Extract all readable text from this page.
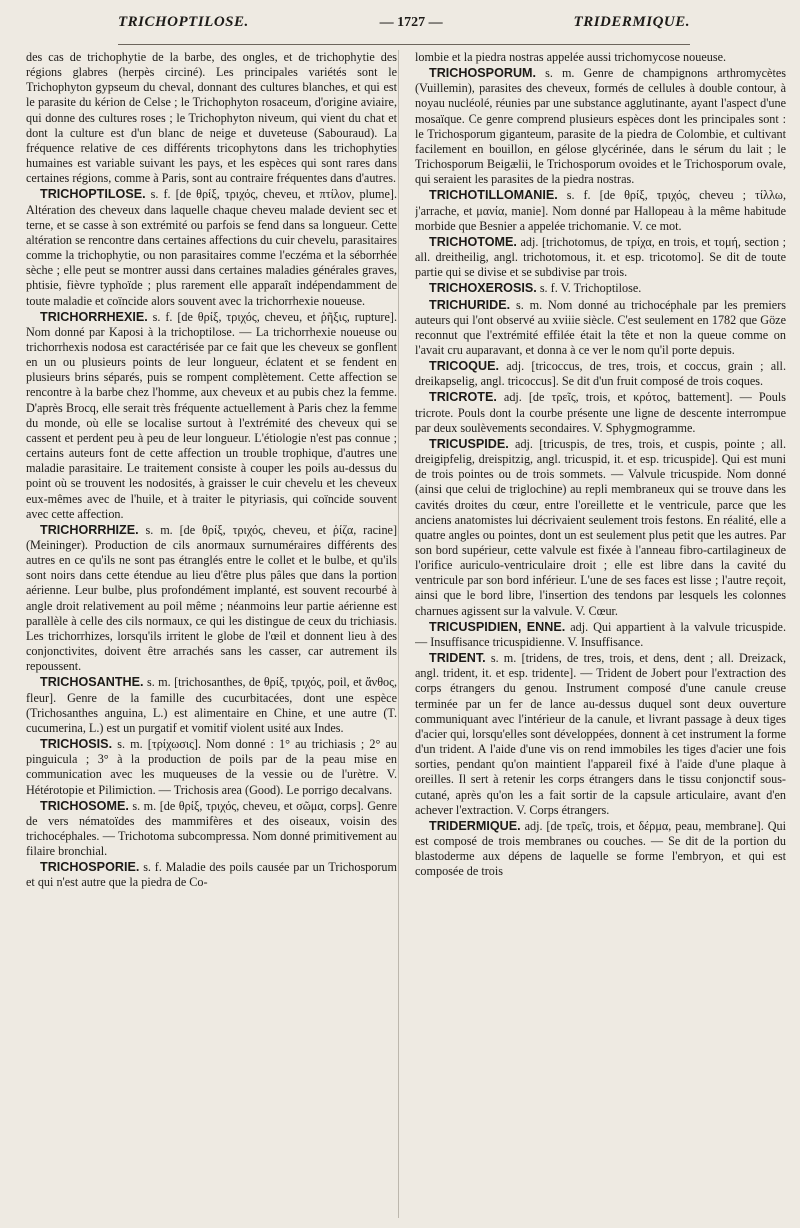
TRICHOPTILOSE.	— 1727 —	TRIDERMIQUE.

des cas de trichophytie de la barbe, des ongles, et de trichophytie des régions glabres (herpès circiné). Les principales variétés sont le Trichophyton gypseum du cheval, donnant des cultures blanches, et qui est le parasite du kérion de Celse ; le Trichophyton rosaceum, d'origine aviaire, qui donne des cultures roses ; le Trichophyton niveum, qui vient du chat et dont la culture est d'un blanc de neige et duveteuse (Sabouraud). La fréquence relative de ces différents tricophytons dans les trichophyties humaines est variable suivant les pays, et les espèces qui sont rares dans certaines régions, comme à Paris, sont au contraire fréquentes dans d'autres.

TRICHOPTILOSE. s. f. [de θρίξ, τριχός, cheveu, et πτίλον, plume]. Altération des cheveux dans laquelle chaque cheveu malade devient sec et terne, et se casse à son extrémité ou parfois se fend dans sa longueur. Cette altération se rencontre dans certaines affections du cuir chevelu, parasitaires comme la trichophytie, ou non parasitaires comme l'eczéma et la séborrhée sèche ; elle peut se montrer aussi dans certaines maladies générales graves, phtisie, fièvre typhoïde ; plus rarement elle apparaît indépendamment de toute maladie et coïncide alors souvent avec la trichorrhexie noueuse.

TRICHORRHEXIE. s. f. [de θρίξ, τριχός, cheveu, et ῥῆξις, rupture]. Nom donné par Kaposi à la trichoptilose. — La trichorrhexie noueuse ou trichorrhexis nodosa est caractérisée par ce fait que les cheveux se gonflent en un ou plusieurs points de leur longueur, éclatent et se fendent en plusieurs brins séparés, puis se rompent complètement. Cette affection se rencontre à la barbe chez l'homme, aux cheveux et au pubis chez la femme. D'après Brocq, elle serait très fréquente actuellement à Paris chez la femme du monde, où elle se localise surtout à l'extrémité des cheveux qui se cassent et perdent peu à peu de leur longueur. L'étiologie n'est pas connue ; certains auteurs font de cette affection un trouble trophique, d'autres une maladie parasitaire. Le traitement consiste à couper les poils au-dessus du point où se trouvent les nodosités, à graisser le cuir chevelu et les cheveux eux-mêmes avec de l'huile, et à traiter le pityriasis, qui coïncide souvent avec cette affection.

TRICHORRHIZE. s. m. [de θρίξ, τριχός, cheveu, et ῥίζα, racine] (Meininger). Production de cils anormaux surnuméraires différents des autres en ce qu'ils ne sont pas étranglés entre le collet et le bulbe, et qu'ils sont noirs dans cette étendue au lieu d'être plus pâles que dans la portion aérienne. Leur bulbe, plus profondément implanté, est souvent recourbé à angle droit relativement au poil même ; néanmoins leur partie aérienne est parallèle à celle des cils normaux, ce qui les distingue de ceux du trichiasis. Les trichorrhizes, lorsqu'ils irritent le globe de l'œil et donnent lieu à des conjonctivites, doivent être arrachés sans les casser, car autrement ils repoussent.

TRICHOSANTHE. s. m. [trichosanthes, de θρίξ, τριχός, poil, et ἄνθος, fleur]. Genre de la famille des cucurbitacées, dont une espèce (Trichosanthes anguina, L.) est alimentaire en Chine, et une autre (T. cucumerina, L.) est un purgatif et vomitif violent usité aux Indes.

TRICHOSIS. s. m. [τρίχωσις]. Nom donné : 1° au trichiasis ; 2° au pinguicula ; 3° à la production de poils par de la peau mise en communication avec les muqueuses de la vessie ou de l'urètre. V. Hétérotopie et Pilimiction. — Trichosis area (Good). Le porrigo decalvans.

TRICHOSOME. s. m. [de θρίξ, τριχός, cheveu, et σῶμα, corps]. Genre de vers nématoïdes des mammifères et des oiseaux, voisin des trichocéphales. — Trichotoma subcompressa. Nom donné primitivement au filaire bronchial.

TRICHOSPORIE. s. f. Maladie des poils causée par un Trichosporum et qui n'est autre que la piedra de Co-

lombie et la piedra nostras appelée aussi trichomycose noueuse.

TRICHOSPORUM. s. m. Genre de champignons arthromycètes (Vuillemin), parasites des cheveux, formés de cellules à double contour, à noyau nucléolé, réunies par une substance agglutinante, ayant l'aspect d'une mosaïque. Ce genre comprend plusieurs espèces dont les principales sont : le Trichosporum giganteum, parasite de la piedra de Colombie, et cultivant facilement en bouillon, en gélose glycérinée, dans le sérum du lait ; le Trichosporum Beigælii, le Trichosporum ovoides et le Trichosporum ovale, qui seraient les parasites de la piedra nostras.

TRICHOTILLOMANIE. s. f. [de θρίξ, τριχός, cheveu ; τίλλω, j'arrache, et μανία, manie]. Nom donné par Hallopeau à la même habitude morbide que Besnier a appelée trichomanie. V. ce mot.

TRICHOTOME. adj. [trichotomus, de τρίχα, en trois, et τομή, section ; all. dreitheilig, angl. trichotomous, it. et esp. tricotomo]. Se dit de toute partie qui se divise et se subdivise par trois.

TRICHOXEROSIS. s. f. V. Trichoptilose.

TRICHURIDE. s. m. Nom donné au trichocéphale par les premiers auteurs qui l'ont observé au xviiie siècle. C'est seulement en 1782 que Göze reconnut que l'extrémité effilée était la tête et non la queue comme on l'avait cru auparavant, et donna à ce ver le nom qu'il porte depuis.

TRICOQUE. adj. [tricoccus, de tres, trois, et coccus, grain ; all. dreikapselig, angl. tricoccus]. Se dit d'un fruit composé de trois coques.

TRICROTE. adj. [de τρεῖς, trois, et κρότος, battement]. — Pouls tricrote. Pouls dont la courbe présente une ligne de descente interrompue par deux soulèvements secondaires. V. Sphygmogramme.

TRICUSPIDE. adj. [tricuspis, de tres, trois, et cuspis, pointe ; all. dreigipfelig, dreispitzig, angl. tricuspid, it. et esp. tricuspide]. Qui est muni de trois pointes ou de trois sommets. — Valvule tricuspide. Nom donné (ainsi que celui de triglochine) au repli membraneux qui se trouve dans les cavités droites du cœur, entre l'oreillette et le ventricule, parce que les anciens anatomistes lui décrivaient seulement trois festons. En réalité, elle a quatre angles ou pointes, dont un est seulement plus petit que les autres. Par son bord supérieur, cette valvule est fixée à l'anneau fibro-cartilagineux de l'orifice auriculo-ventriculaire droit ; elle est libre dans la cavité du ventricule par son bord inférieur. L'une de ses faces est lisse ; l'autre reçoit, ainsi que le bord libre, l'insertion des tendons par lesquels les colonnes charnues agissent sur la valvule. V. Cœur.

TRICUSPIDIEN, ENNE. adj. Qui appartient à la valvule tricuspide. — Insuffisance tricuspidienne. V. Insuffisance.

TRIDENT. s. m. [tridens, de tres, trois, et dens, dent ; all. Dreizack, angl. trident, it. et esp. tridente]. — Trident de Jobert pour l'extraction des corps étrangers du genou. Instrument composé d'une canule creuse terminée par un fer de lance au-dessus duquel sont deux ouverture communiquant avec l'intérieur de la canule, et livrant passage à deux tiges d'acier qui, lorsqu'elles sont développées, donnent à cet instrument la forme d'un trident. A l'aide d'une vis on rend immobiles les tiges d'acier une fois sorties, pendant qu'on maintient l'appareil fixé à l'aide d'une plaque à oreilles. Il sert à retenir les corps étrangers dans le tissu conjonctif sous-cutané, après qu'on les a fait sortir de la capsule articulaire, avant d'en achever l'extraction. V. Corps étrangers.

TRIDERMIQUE. adj. [de τρεῖς, trois, et δέρμα, peau, membrane]. Qui est composé de trois membranes ou couches. — Se dit de la portion du blastoderme aux dépens de laquelle se forme l'embryon, et qui est composée de trois
